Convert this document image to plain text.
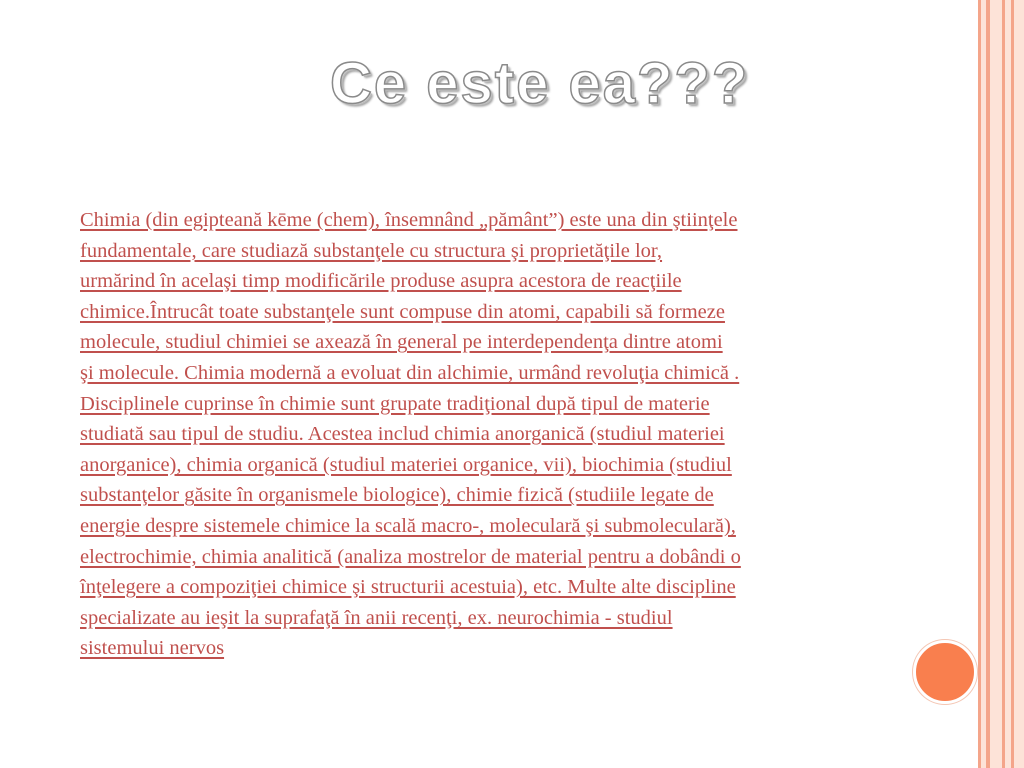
Ce este ea???
Chimia (din egipteană kēme (chem), însemnând „pământ”) este una din ştiinţele
fundamentale, care studiază substanţele cu structura şi proprietăţile lor,
urmărind în acelaşi timp modificările produse asupra acestora de reacţiile
chimice.Întrucât toate substanţele sunt compuse din atomi, capabili să formeze
molecule, studiul chimiei se axează în general pe interdependenţa dintre atomi
şi molecule. Chimia modernă a evoluat din alchimie, urmând revoluţia chimică .
Disciplinele cuprinse în chimie sunt grupate tradiţional după tipul de materie
studiată sau tipul de studiu. Acestea includ chimia anorganică (studiul materiei
anorganice), chimia organică (studiul materiei organice, vii), biochimia (studiul
substanţelor găsite în organismele biologice), chimie fizică (studiile legate de
energie despre sistemele chimice la scală macro-, moleculară şi submoleculară),
electrochimie, chimia analitică (analiza mostrelor de material pentru a dobândi o
înţelegere a compoziţiei chimice şi structurii acestuia), etc. Multe alte discipline
specializate au ieşit la suprafaţă în anii recenţi, ex. neurochimia - studiul
sistemului nervos
